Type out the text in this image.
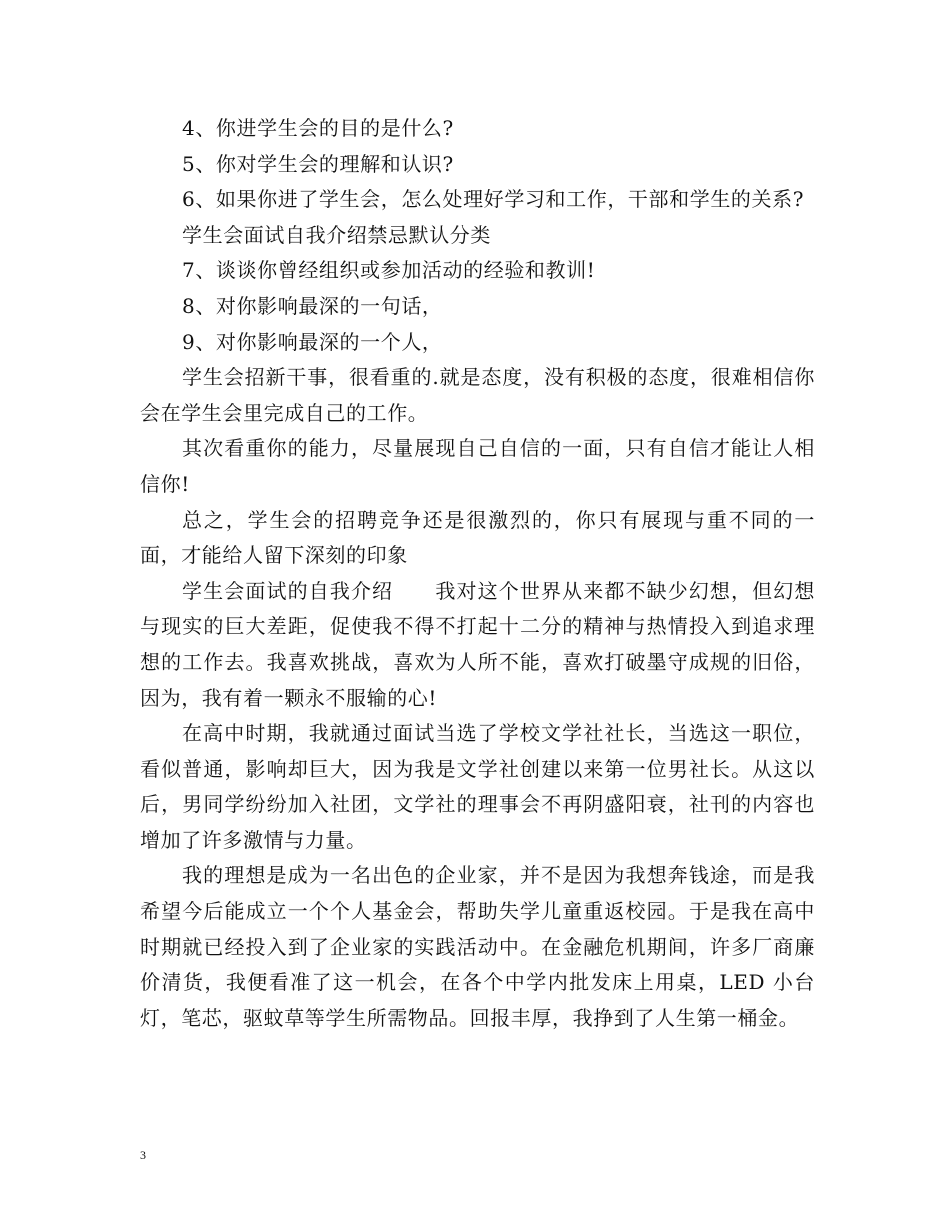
4、你进学生会的目的是什么?

5、你对学生会的理解和认识?

6、如果你进了学生会，怎么处理好学习和工作，干部和学生的关系?

学生会面试自我介绍禁忌默认分类

7、谈谈你曾经组织或参加活动的经验和教训!

8、对你影响最深的一句话，

9、对你影响最深的一个人，

学生会招新干事，很看重的.就是态度，没有积极的态度，很难相信你会在学生会里完成自己的工作。

其次看重你的能力，尽量展现自己自信的一面，只有自信才能让人相信你!

总之，学生会的招聘竞争还是很激烈的，你只有展现与重不同的一面，才能给人留下深刻的印象

学生会面试的自我介绍　　我对这个世界从来都不缺少幻想，但幻想与现实的巨大差距，促使我不得不打起十二分的精神与热情投入到追求理想的工作去。我喜欢挑战，喜欢为人所不能，喜欢打破墨守成规的旧俗，因为，我有着一颗永不服输的心!

在高中时期，我就通过面试当选了学校文学社社长，当选这一职位，看似普通，影响却巨大，因为我是文学社创建以来第一位男社长。从这以后，男同学纷纷加入社团，文学社的理事会不再阴盛阳衰，社刊的内容也增加了许多激情与力量。

我的理想是成为一名出色的企业家，并不是因为我想奔钱途，而是我希望今后能成立一个个人基金会，帮助失学儿童重返校园。于是我在高中时期就已经投入到了企业家的实践活动中。在金融危机期间，许多厂商廉价清货，我便看准了这一机会，在各个中学内批发床上用桌，LED 小台灯，笔芯，驱蚊草等学生所需物品。回报丰厚，我挣到了人生第一桶金。

3
